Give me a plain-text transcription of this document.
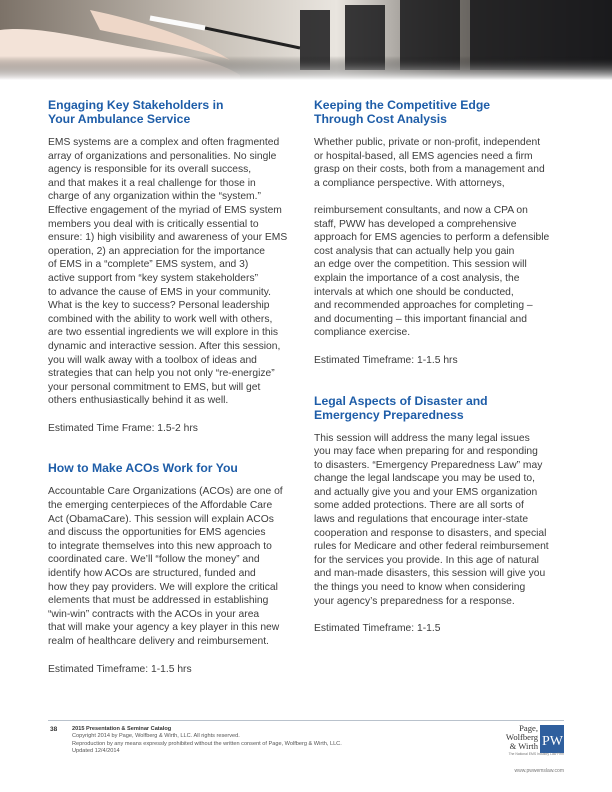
Engaging Key Stakeholders in
Your Ambulance Service

EMS systems are a complex and often fragmented
array of organizations and personalities. No single
agency is responsible for its overall success,
and that makes it a real challenge for those in
charge of any organization within the “system.”
Effective engagement of the myriad of EMS system
members you deal with is critically essential to
ensure: 1) high visibility and awareness of your EMS
operation, 2) an appreciation for the importance
of EMS in a “complete” EMS system, and 3)
active support from “key system stakeholders”
to advance the cause of EMS in your community.
What is the key to success? Personal leadership
combined with the ability to work well with others,
are two essential ingredients we will explore in this
dynamic and interactive session. After this session,
you will walk away with a toolbox of ideas and
strategies that can help you not only “re-energize”
your personal commitment to EMS, but will get
others enthusiastically behind it as well.

Estimated Time Frame: 1.5-2 hrs

How to Make ACOs Work for You

Accountable Care Organizations (ACOs) are one of
the emerging centerpieces of the Affordable Care
Act (ObamaCare). This session will explain ACOs
and discuss the opportunities for EMS agencies
to integrate themselves into this new approach to
coordinated care. We’ll “follow the money” and
identify how ACOs are structured, funded and
how they pay providers. We will explore the critical
elements that must be addressed in establishing
“win-win” contracts with the ACOs in your area
that will make your agency a key player in this new
realm of healthcare delivery and reimbursement.

Estimated Timeframe: 1-1.5 hrs

Keeping the Competitive Edge
Through Cost Analysis

Whether public, private or non-profit, independent
or hospital-based, all EMS agencies need a firm
grasp on their costs, both from a management and
a compliance perspective. With attorneys,

reimbursement consultants, and now a CPA on
staff, PWW has developed a comprehensive
approach for EMS agencies to perform a defensible
cost analysis that can actually help you gain
an edge over the competition. This session will
explain the importance of a cost analysis, the
intervals at which one should be conducted,
and recommended approaches for completing –
and documenting – this important financial and
compliance exercise.

Estimated Timeframe: 1-1.5 hrs

Legal Aspects of Disaster and
Emergency Preparedness

This session will address the many legal issues
you may face when preparing for and responding
to disasters. “Emergency Preparedness Law” may
change the legal landscape you may be used to,
and actually give you and your EMS organization
some added protections. There are all sorts of
laws and regulations that encourage inter-state
cooperation and response to disasters, and special
rules for Medicare and other federal reimbursement
for the services you provide. In this age of natural
and man-made disasters, this session will give you
the things you need to know when considering
your agency’s preparedness for a response.

Estimated Timeframe: 1-1.5

38	2015 Presentation & Seminar Catalog
Copyright 2014 by Page, Wolfberg & Wirth, LLC. All rights reserved.
Reproduction by any means expressly prohibited without the written consent of Page, Wolfberg & Wirth, LLC.
Updated 12/4/2014
Page,
Wolfberg
& Wirth PW
The National EMS Industry Law Firm
www.pwwemslaw.com
